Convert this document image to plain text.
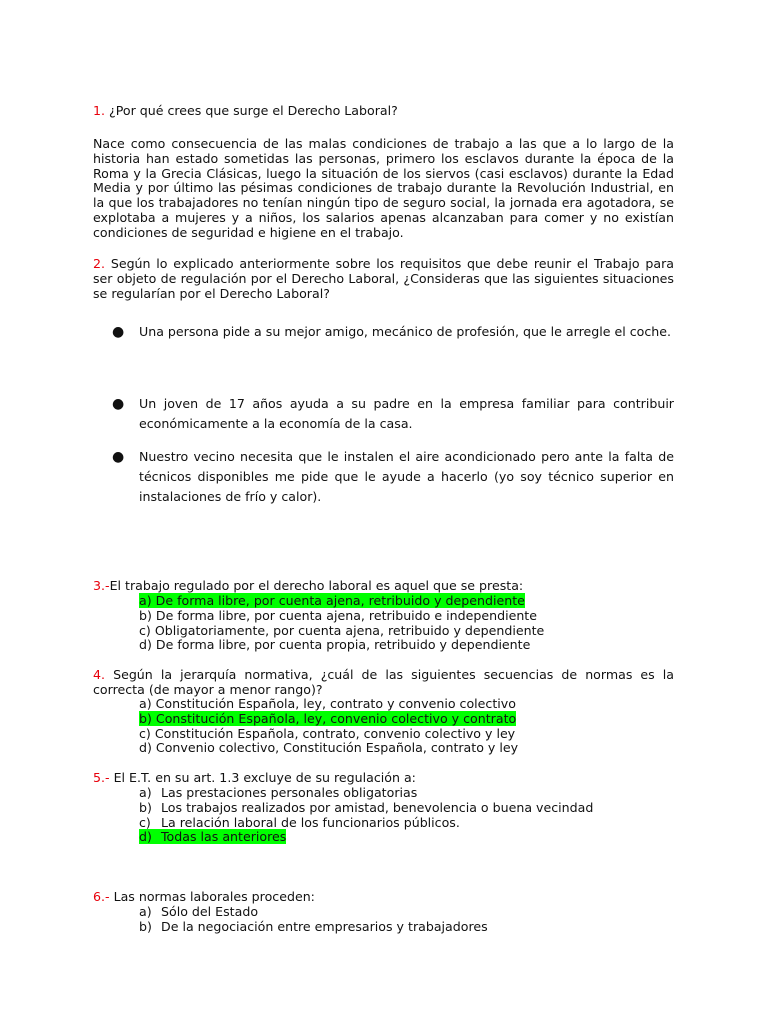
1. ¿Por qué crees que surge el Derecho Laboral?
Nace como consecuencia de las malas condiciones de trabajo a las que a lo largo de la historia han estado sometidas las personas, primero los esclavos durante la época de la Roma y la Grecia Clásicas, luego la situación de los siervos (casi esclavos) durante la Edad Media y por último las pésimas condiciones de trabajo durante la Revolución Industrial, en la que los trabajadores no tenían ningún tipo de seguro social, la jornada era agotadora, se explotaba a mujeres y a niños, los salarios apenas alcanzaban para comer y no existían condiciones de seguridad e higiene en el trabajo.
2. Según lo explicado anteriormente sobre los requisitos que debe reunir el Trabajo para ser objeto de regulación por el Derecho Laboral, ¿Consideras que las siguientes situaciones se regularían por el Derecho Laboral?
● Una persona pide a su mejor amigo, mecánico de profesión, que le arregle el coche.
● Un joven de 17 años ayuda a su padre en la empresa familiar para contribuir económicamente a la economía de la casa.
● Nuestro vecino necesita que le instalen el aire acondicionado pero ante la falta de técnicos disponibles me pide que le ayude a hacerlo (yo soy técnico superior en instalaciones de frío y calor).
3.-El trabajo regulado por el derecho laboral es aquel que se presta:
a) De forma libre, por cuenta ajena, retribuido y dependiente
b) De forma libre, por cuenta ajena, retribuido e independiente
c) Obligatoriamente, por cuenta ajena, retribuido y dependiente
d) De forma libre, por cuenta propia, retribuido y dependiente
4. Según la jerarquía normativa, ¿cuál de las siguientes secuencias de normas es la correcta (de mayor a menor rango)?
a) Constitución Española, ley, contrato y convenio colectivo
b) Constitución Española, ley, convenio colectivo y contrato
c) Constitución Española, contrato, convenio colectivo y ley
d) Convenio colectivo, Constitución Española, contrato y ley
5.- El E.T. en su art. 1.3 excluye de su regulación a:
a) Las prestaciones personales obligatorias
b) Los trabajos realizados por amistad, benevolencia o buena vecindad
c) La relación laboral de los funcionarios públicos.
d) Todas las anteriores
6.- Las normas laborales proceden:
a) Sólo del Estado
b) De la negociación entre empresarios y trabajadores
